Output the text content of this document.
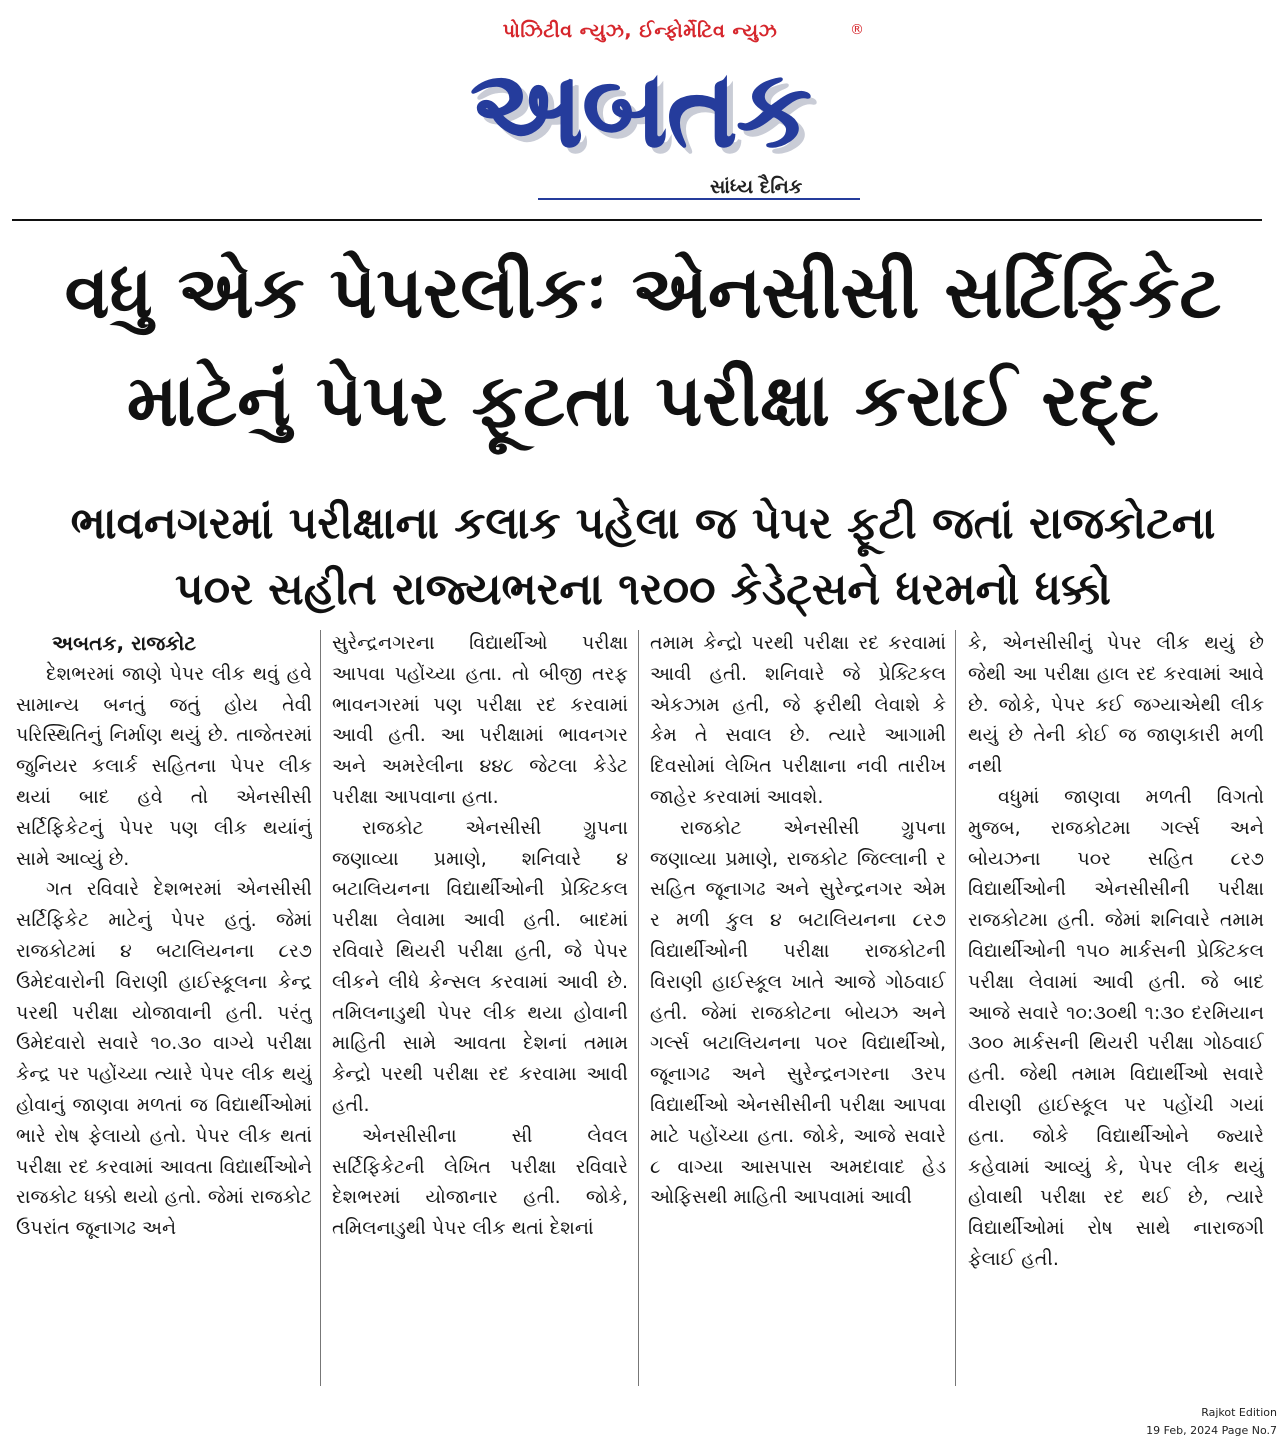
પોઝિટીવ ન્યુઝ, ઈન્ફોર્મેટિવ ન્યુઝ	®
અબતક
સાંધ્ય દૈનિક
વધુ એક પેપરલીકઃ એનસીસી સર્ટિફિકેટ
માટેનું પેપર ફૂટતા પરીક્ષા કરાઈ રદ્દ
ભાવનગરમાં પરીક્ષાના કલાક પહેલા જ પેપર ફૂટી જતાં રાજકોટના
પ૦ર સહીત રાજ્યભરના ૧ર૦૦ કેડેટ્સને ધરમનો ધક્કો
અબતક, રાજકોટ

દેશભરમાં જાણે પેપર લીક થવું હવે સામાન્ય બનતું જતું હોય તેવી પરિસ્થિતિનું નિર્માણ થયું છે. તાજેતરમાં જુનિયર કલાર્ક સહિતના પેપર લીક થયાં બાદ હવે તો એનસીસી સર્ટિફિકેટનું પેપર પણ લીક થયાંનું સામે આવ્યું છે.

ગત રવિવારે દેશભરમાં એનસીસી સર્ટિફિકેટ માટેનું પેપર હતું. જેમાં રાજકોટમાં ૪ બટાલિયનના ૮ર૭ ઉમેદવારોની વિરાણી હાઈસ્કૂલના કેન્દ્ર પરથી પરીક્ષા યોજાવાની હતી. પરંતુ ઉમેદવારો સવારે ૧૦.૩૦ વાગ્યે પરીક્ષા કેન્દ્ર પર પહોંચ્યા ત્યારે પેપર લીક થયું હોવાનું જાણવા મળતાં જ વિદ્યાર્થીઓમાં ભારે રોષ ફેલાયો હતો. પેપર લીક થતાં પરીક્ષા રદ કરવામાં આવતા વિદ્યાર્થીઓને રાજકોટ ધક્કો થયો હતો. જેમાં રાજકોટ ઉપરાંત જૂનાગઢ અને

સુરેન્દ્રનગરના વિદ્યાર્થીઓ પરીક્ષા આપવા પહોંચ્યા હતા. તો બીજી તરફ ભાવનગરમાં પણ પરીક્ષા રદ કરવામાં આવી હતી. આ પરીક્ષામાં ભાવનગર અને અમરેલીના ૪૪૮ જેટલા કેડેટ પરીક્ષા આપવાના હતા.

રાજકોટ એનસીસી ગ્રુપના જણાવ્યા પ્રમાણે, શનિવારે ૪ બટાલિયનના વિદ્યાર્થીઓની પ્રેક્ટિકલ પરીક્ષા લેવામા આવી હતી. બાદમાં રવિવારે થિયરી પરીક્ષા હતી, જે પેપર લીકને લીધે કેન્સલ કરવામાં આવી છે. તમિલનાડુથી પેપર લીક થયા હોવાની માહિતી સામે આવતા દેશનાં તમામ કેન્દ્રો પરથી પરીક્ષા રદ કરવામા આવી હતી.

એનસીસીના સી લેવલ સર્ટિફિકેટની લેખિત પરીક્ષા રવિવારે દેશભરમાં યોજાનાર હતી. જોકે, તમિલનાડુથી પેપર લીક થતાં દેશનાં

તમામ કેન્દ્રો પરથી પરીક્ષા રદ કરવામાં આવી હતી. શનિવારે જે પ્રેક્ટિકલ એકઝામ હતી, જે ફરીથી લેવાશે કે કેમ તે સવાલ છે. ત્યારે આગામી દિવસોમાં લેખિત પરીક્ષાના નવી તારીખ જાહેર કરવામાં આવશે.

રાજકોટ એનસીસી ગ્રુપના જણાવ્યા પ્રમાણે, રાજકોટ જિલ્લાની ર સહિત જૂનાગઢ અને સુરેન્દ્રનગર એમ ર મળી કુલ ૪ બટાલિયનના ૮ર૭ વિદ્યાર્થીઓની પરીક્ષા રાજકોટની વિરાણી હાઈસ્કૂલ ખાતે આજે ગોઠવાઈ હતી. જેમાં રાજકોટના બોયઝ અને ગર્લ્સ બટાલિયનના પ૦ર વિદ્યાર્થીઓ, જૂનાગઢ અને સુરેન્દ્રનગરના ૩ર૫ વિદ્યાર્થીઓ એનસીસીની પરીક્ષા આપવા માટે પહોંચ્યા હતા. જોકે, આજે સવારે ૮ વાગ્યા આસપાસ અમદાવાદ હેડ ઓફિસથી માહિતી આપવામાં આવી

કે, એનસીસીનું પેપર લીક થયું છે જેથી આ પરીક્ષા હાલ રદ કરવામાં આવે છે. જોકે, પેપર કઈ જગ્યાએથી લીક થયું છે તેની કોઈ જ જાણકારી મળી નથી

વધુમાં જાણવા મળતી વિગતો મુજબ, રાજકોટમા ગર્લ્સ અને બોયઝના પ૦ર સહિત ૮ર૭ વિદ્યાર્થીઓની એનસીસીની પરીક્ષા રાજકોટમા હતી. જેમાં શનિવારે તમામ વિદ્યાર્થીઓની ૧૫૦ માર્કસની પ્રેક્ટિકલ પરીક્ષા લેવામાં આવી હતી. જે બાદ આજે સવારે ૧૦:૩૦થી ૧:૩૦ દરમિયાન ૩૦૦ માર્કસની થિયરી પરીક્ષા ગોઠવાઈ હતી. જેથી તમામ વિદ્યાર્થીઓ સવારે વીરાણી હાઈસ્કૂલ પર પહોંચી ગયાં હતા. જોકે વિદ્યાર્થીઓને જ્યારે કહેવામાં આવ્યું કે, પેપર લીક થયું હોવાથી પરીક્ષા રદ થઈ છે, ત્યારે વિદ્યાર્થીઓમાં રોષ સાથે નારાજગી ફેલાઈ હતી.

Rajkot Edition
19 Feb, 2024 Page No.7
